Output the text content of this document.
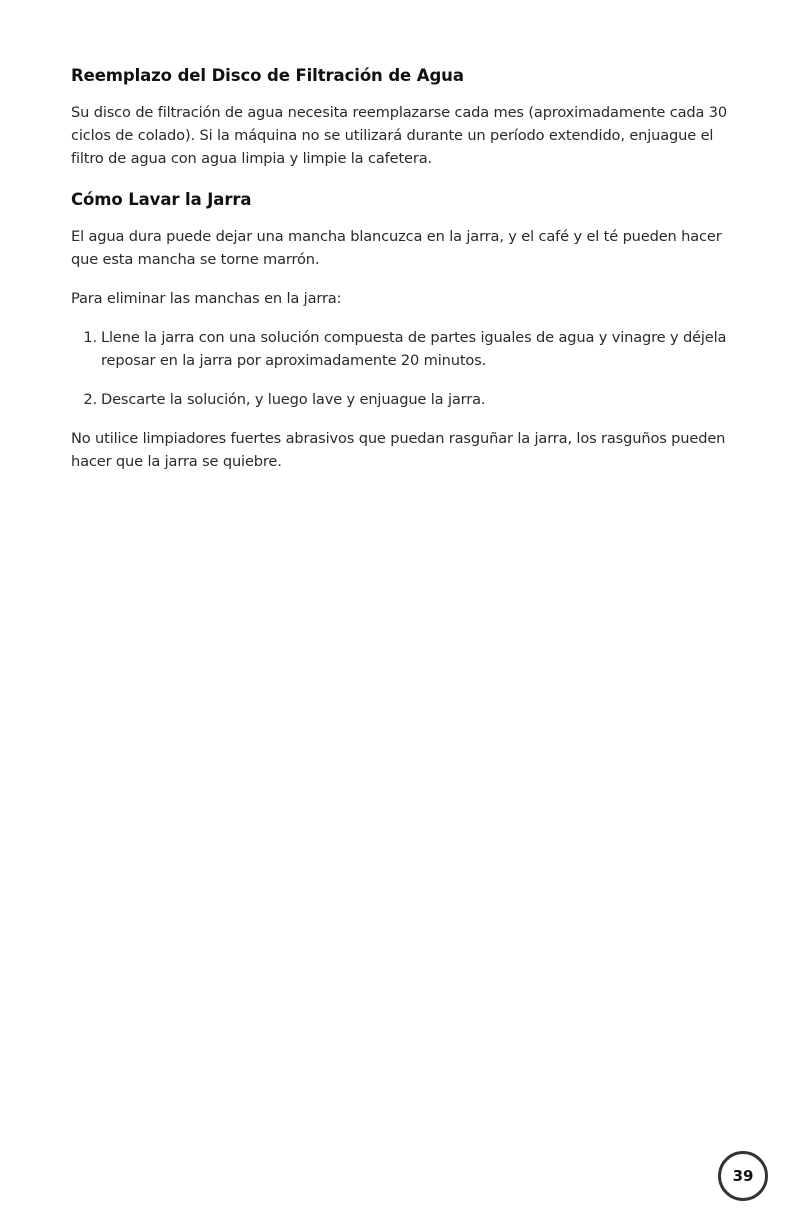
Reemplazo del Disco de Filtración de Agua

Su disco de filtración de agua necesita reemplazarse cada mes (aproximadamente cada 30 ciclos de colado). Si la máquina no se utilizará durante un período extendido, enjuague el filtro de agua con agua limpia y limpie la cafetera.

Cómo Lavar la Jarra

El agua dura puede dejar una mancha blancuzca en la jarra, y el café y el té pueden hacer que esta mancha se torne marrón.

Para eliminar las manchas en la jarra:

1. Llene la jarra con una solución compuesta de partes iguales de agua y vinagre y déjela reposar en la jarra por aproximadamente 20 minutos.
2. Descarte la solución, y luego lave y enjuague la jarra.

No utilice limpiadores fuertes abrasivos que puedan rasguñar la jarra, los rasguños pueden hacer que la jarra se quiebre.

39
